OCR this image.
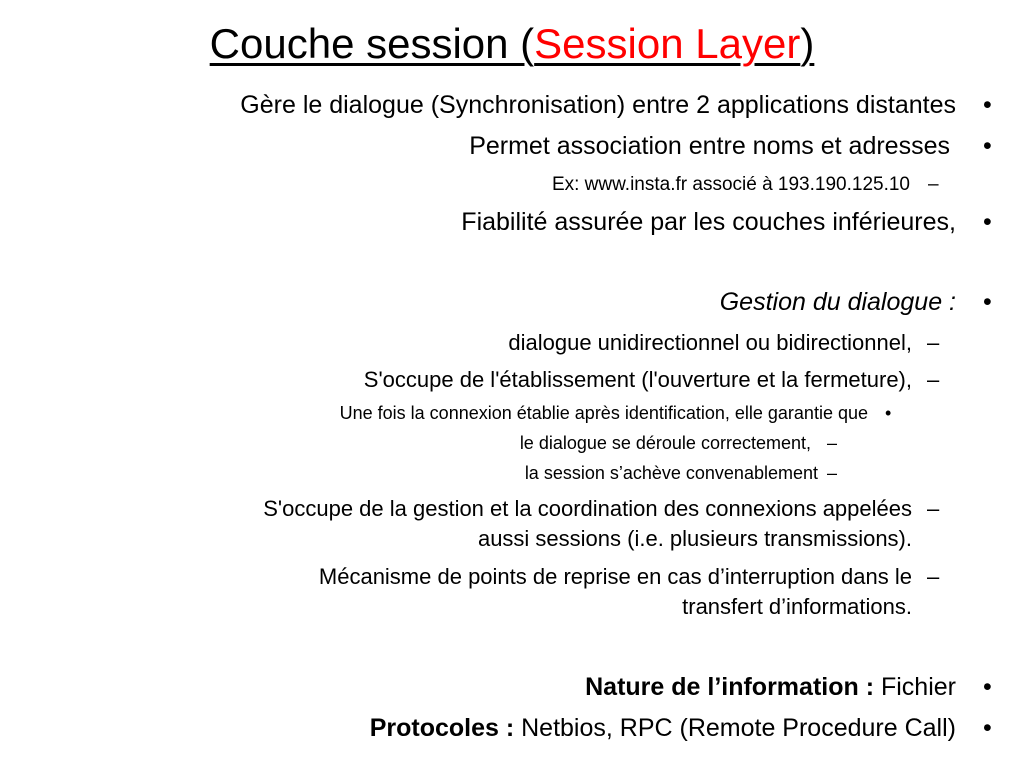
Couche session (Session Layer)
Gère le dialogue (Synchronisation) entre 2 applications distantes •
Permet association entre noms et adresses •
Ex: www.insta.fr associé à 193.190.125.10 –
Fiabilité assurée par les couches inférieures, •
Gestion du dialogue : •
dialogue unidirectionnel ou bidirectionnel, –
S'occupe de l'établissement (l'ouverture et la fermeture), –
Une fois la connexion établie après identification, elle garantie que •
le dialogue se déroule correctement, –
la session s’achève convenablement –
S'occupe de la gestion et la coordination des connexions appelées
aussi sessions (i.e. plusieurs transmissions).
–
Mécanisme de points de reprise en cas d’interruption dans le
transfert d’informations.
–
Nature de l’information : Fichier •
Protocoles : Netbios, RPC (Remote Procedure Call) •
